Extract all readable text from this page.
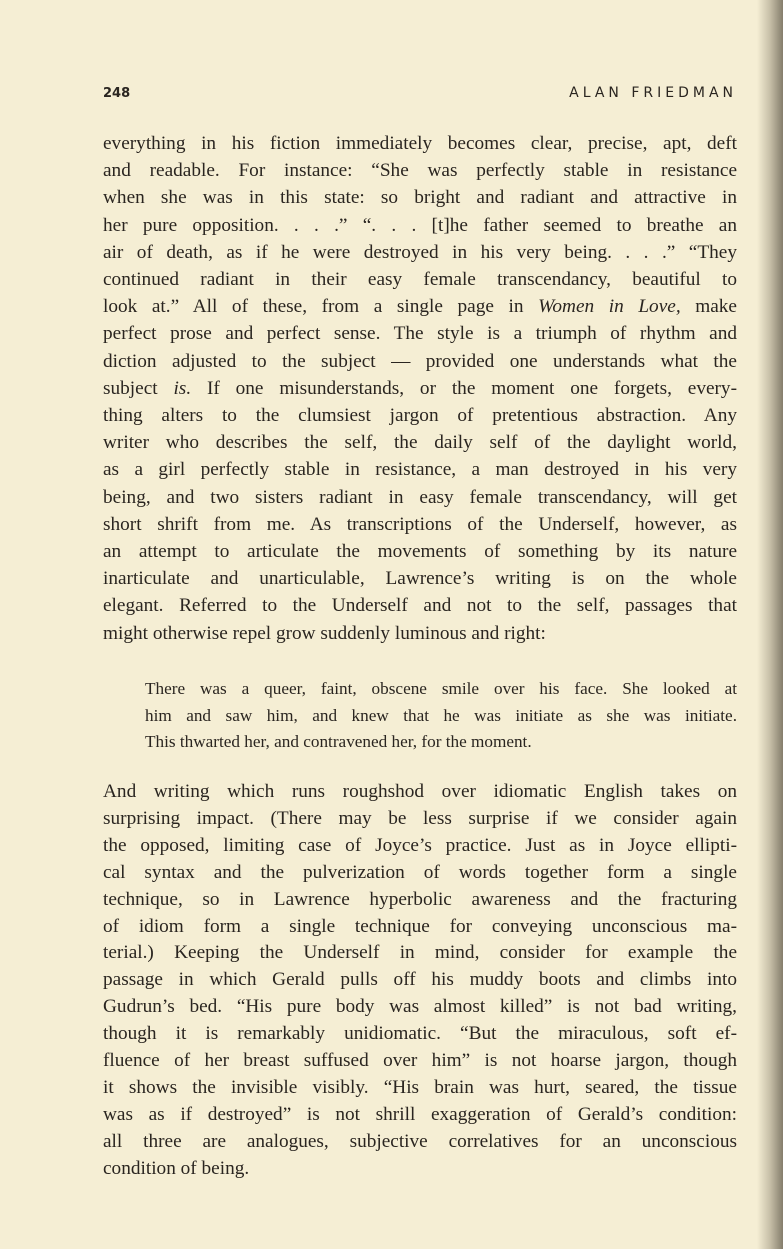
248	ALAN FRIEDMAN
everything in his fiction immediately becomes clear, precise, apt, deft
and readable. For instance: “She was perfectly stable in resistance
when she was in this state: so bright and radiant and attractive in
her pure opposition. . . .” “. . . [t]he father seemed to breathe an
air of death, as if he were destroyed in his very being. . . .” “They
continued radiant in their easy female transcendancy, beautiful to
look at.” All of these, from a single page in Women in Love, make
perfect prose and perfect sense. The style is a triumph of rhythm and
diction adjusted to the subject — provided one understands what the
subject is. If one misunderstands, or the moment one forgets, every-
thing alters to the clumsiest jargon of pretentious abstraction. Any
writer who describes the self, the daily self of the daylight world,
as a girl perfectly stable in resistance, a man destroyed in his very
being, and two sisters radiant in easy female transcendancy, will get
short shrift from me. As transcriptions of the Underself, however, as
an attempt to articulate the movements of something by its nature
inarticulate and unarticulable, Lawrence’s writing is on the whole
elegant. Referred to the Underself and not to the self, passages that
might otherwise repel grow suddenly luminous and right:
There was a queer, faint, obscene smile over his face. She looked at
him and saw him, and knew that he was initiate as she was initiate.
This thwarted her, and contravened her, for the moment.
And writing which runs roughshod over idiomatic English takes on
surprising impact. (There may be less surprise if we consider again
the opposed, limiting case of Joyce’s practice. Just as in Joyce ellipti-
cal syntax and the pulverization of words together form a single
technique, so in Lawrence hyperbolic awareness and the fracturing
of idiom form a single technique for conveying unconscious ma-
terial.) Keeping the Underself in mind, consider for example the
passage in which Gerald pulls off his muddy boots and climbs into
Gudrun’s bed. “His pure body was almost killed” is not bad writing,
though it is remarkably unidiomatic. “But the miraculous, soft ef-
fluence of her breast suffused over him” is not hoarse jargon, though
it shows the invisible visibly. “His brain was hurt, seared, the tissue
was as if destroyed” is not shrill exaggeration of Gerald’s condition:
all three are analogues, subjective correlatives for an unconscious
condition of being.
